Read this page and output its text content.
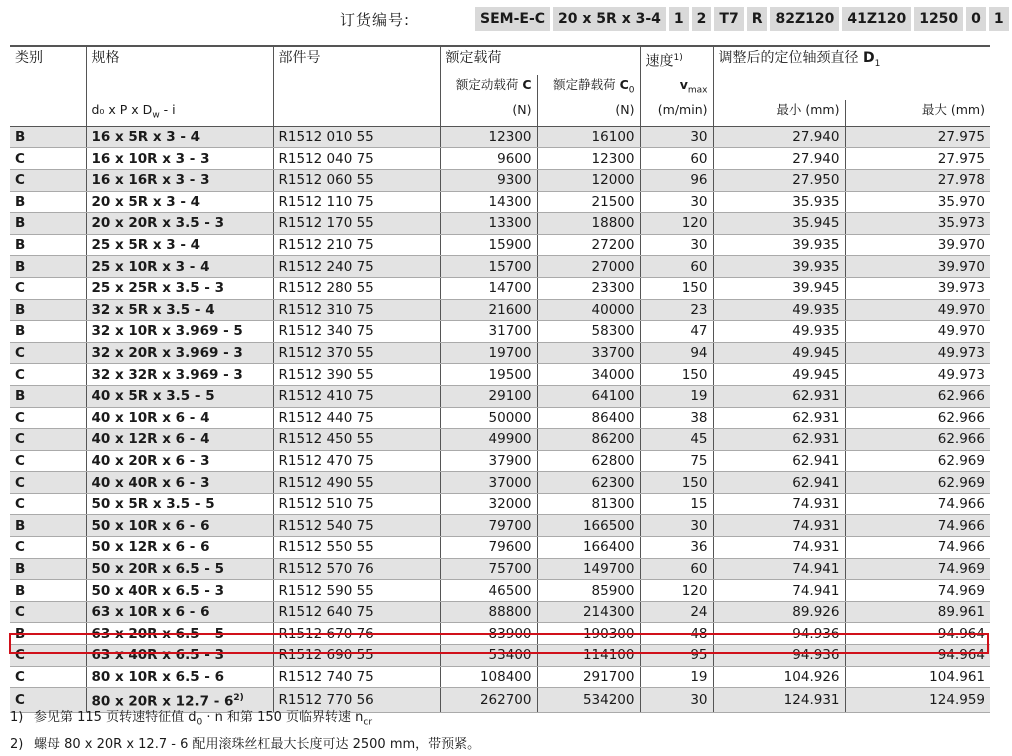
订货编号:	SEM-E-C 20 x 5R x 3-4 1 2 T7 R 82Z120 41Z120 1250 0 1
类别	规格	部件号	额定载荷		速度$^{1)}$	调整后的定位轴颈直径 $D_1$
			额定动载荷 C	额定静载荷 $C_0$	$v_{max}$		
	d₀ x P x $D_w$ - i		(N)	(N)	(m/min)	最小 (mm)	最大 (mm)
B	16 x 5R x 3 - 4	R1512 010 55	12300	16100	30	27.940	27.975
C	16 x 10R x 3 - 3	R1512 040 75	9600	12300	60	27.940	27.975
C	16 x 16R x 3 - 3	R1512 060 55	9300	12000	96	27.950	27.978
B	20 x 5R x 3 - 4	R1512 110 75	14300	21500	30	35.935	35.970
B	20 x 20R x 3.5 - 3	R1512 170 55	13300	18800	120	35.945	35.973
B	25 x 5R x 3 - 4	R1512 210 75	15900	27200	30	39.935	39.970
B	25 x 10R x 3 - 4	R1512 240 75	15700	27000	60	39.935	39.970
C	25 x 25R x 3.5 - 3	R1512 280 55	14700	23300	150	39.945	39.973
B	32 x 5R x 3.5 - 4	R1512 310 75	21600	40000	23	49.935	49.970
B	32 x 10R x 3.969 - 5	R1512 340 75	31700	58300	47	49.935	49.970
C	32 x 20R x 3.969 - 3	R1512 370 55	19700	33700	94	49.945	49.973
C	32 x 32R x 3.969 - 3	R1512 390 55	19500	34000	150	49.945	49.973
B	40 x 5R x 3.5 - 5	R1512 410 75	29100	64100	19	62.931	62.966
C	40 x 10R x 6 - 4	R1512 440 75	50000	86400	38	62.931	62.966
C	40 x 12R x 6 - 4	R1512 450 55	49900	86200	45	62.931	62.966
C	40 x 20R x 6 - 3	R1512 470 75	37900	62800	75	62.941	62.969
C	40 x 40R x 6 - 3	R1512 490 55	37000	62300	150	62.941	62.969
C	50 x 5R x 3.5 - 5	R1512 510 75	32000	81300	15	74.931	74.966
B	50 x 10R x 6 - 6	R1512 540 75	79700	166500	30	74.931	74.966
C	50 x 12R x 6 - 6	R1512 550 55	79600	166400	36	74.931	74.966
B	50 x 20R x 6.5 - 5	R1512 570 76	75700	149700	60	74.941	74.969
B	50 x 40R x 6.5 - 3	R1512 590 55	46500	85900	120	74.941	74.969
C	63 x 10R x 6 - 6	R1512 640 75	88800	214300	24	89.926	89.961
B	63 x 20R x 6.5 - 5	R1512 670 76	83900	190300	48	94.936	94.964
C	63 x 40R x 6.5 - 3	R1512 690 55	53400	114100	95	94.936	94.964
C	80 x 10R x 6.5 - 6	R1512 740 75	108400	291700	19	104.926	104.961
C	80 x 20R x 12.7 - 6$^{2)}$	R1512 770 56	262700	534200	30	124.931	124.959
1) 参见第 115 页转速特征值 $d_0 \cdot n$ 和第 150 页临界转速 $n_{cr}$
2) 螺母 80 x 20R x 12.7 - 6 配用滚珠丝杠最大长度可达 2500 mm，带预紧。
